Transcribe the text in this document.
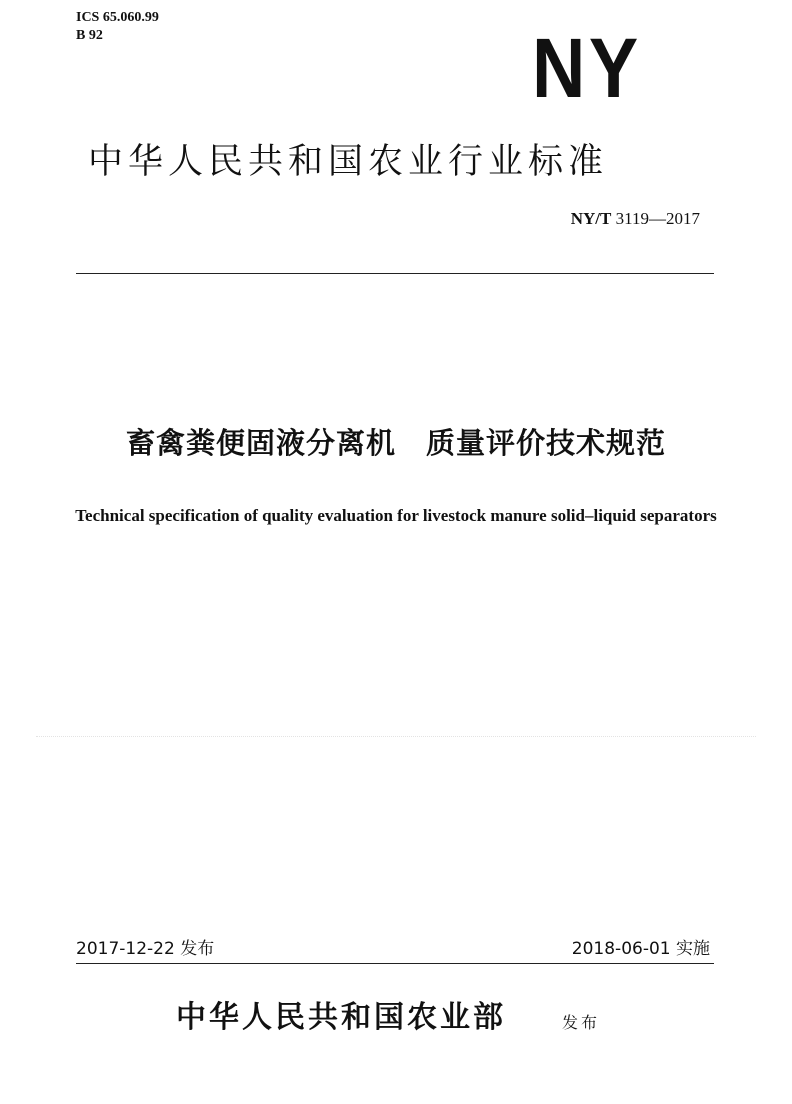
ICS 65.060.99
B 92	NY
中华人民共和国农业行业标准
NY/T 3119—2017
畜禽粪便固液分离机　质量评价技术规范
Technical specification of quality evaluation for livestock manure solid–liquid separators
2017-12-22 发布	2018-06-01 实施
中华人民共和国农业部	发布
